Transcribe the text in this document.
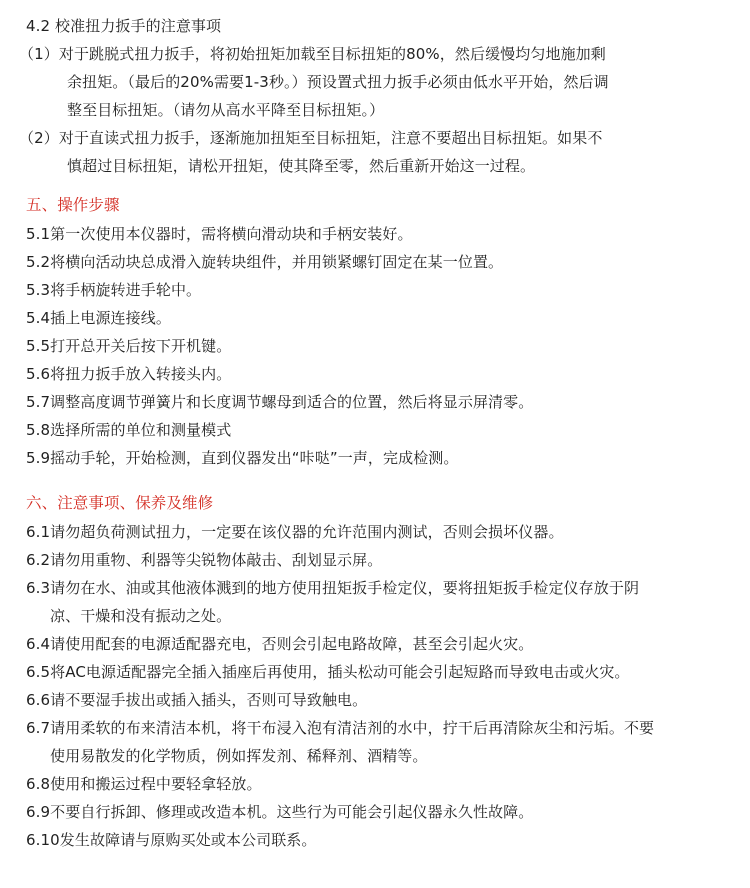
4.2 校准扭力扳手的注意事项
（1）对于跳脱式扭力扳手，将初始扭矩加载至目标扭矩的80%，然后缓慢均匀地施加剩
余扭矩。（最后的20%需要1-3秒。）预设置式扭力扳手必须由低水平开始，然后调
整至目标扭矩。（请勿从高水平降至目标扭矩。）
（2）对于直读式扭力扳手，逐渐施加扭矩至目标扭矩，注意不要超出目标扭矩。如果不
慎超过目标扭矩，请松开扭矩，使其降至零，然后重新开始这一过程。
五、操作步骤
5.1第一次使用本仪器时，需将横向滑动块和手柄安装好。
5.2将横向活动块总成滑入旋转块组件，并用锁紧螺钉固定在某一位置。
5.3将手柄旋转进手轮中。
5.4插上电源连接线。
5.5打开总开关后按下开机键。
5.6将扭力扳手放入转接头内。
5.7调整高度调节弹簧片和长度调节螺母到适合的位置，然后将显示屏清零。
5.8选择所需的单位和测量模式
5.9摇动手轮，开始检测，直到仪器发出“咔哒”一声，完成检测。
六、注意事项、保养及维修
6.1请勿超负荷测试扭力，一定要在该仪器的允许范围内测试，否则会损坏仪器。
6.2请勿用重物、利器等尖锐物体敲击、刮划显示屏。
6.3请勿在水、油或其他液体溅到的地方使用扭矩扳手检定仪，要将扭矩扳手检定仪存放于阴
凉、干燥和没有振动之处。
6.4请使用配套的电源适配器充电，否则会引起电路故障，甚至会引起火灾。
6.5将AC电源适配器完全插入插座后再使用，插头松动可能会引起短路而导致电击或火灾。
6.6请不要湿手拔出或插入插头，否则可导致触电。
6.7请用柔软的布来清洁本机，将干布浸入泡有清洁剂的水中，拧干后再清除灰尘和污垢。不要
使用易散发的化学物质，例如挥发剂、稀释剂、酒精等。
6.8使用和搬运过程中要轻拿轻放。
6.9不要自行拆卸、修理或改造本机。这些行为可能会引起仪器永久性故障。
6.10发生故障请与原购买处或本公司联系。
